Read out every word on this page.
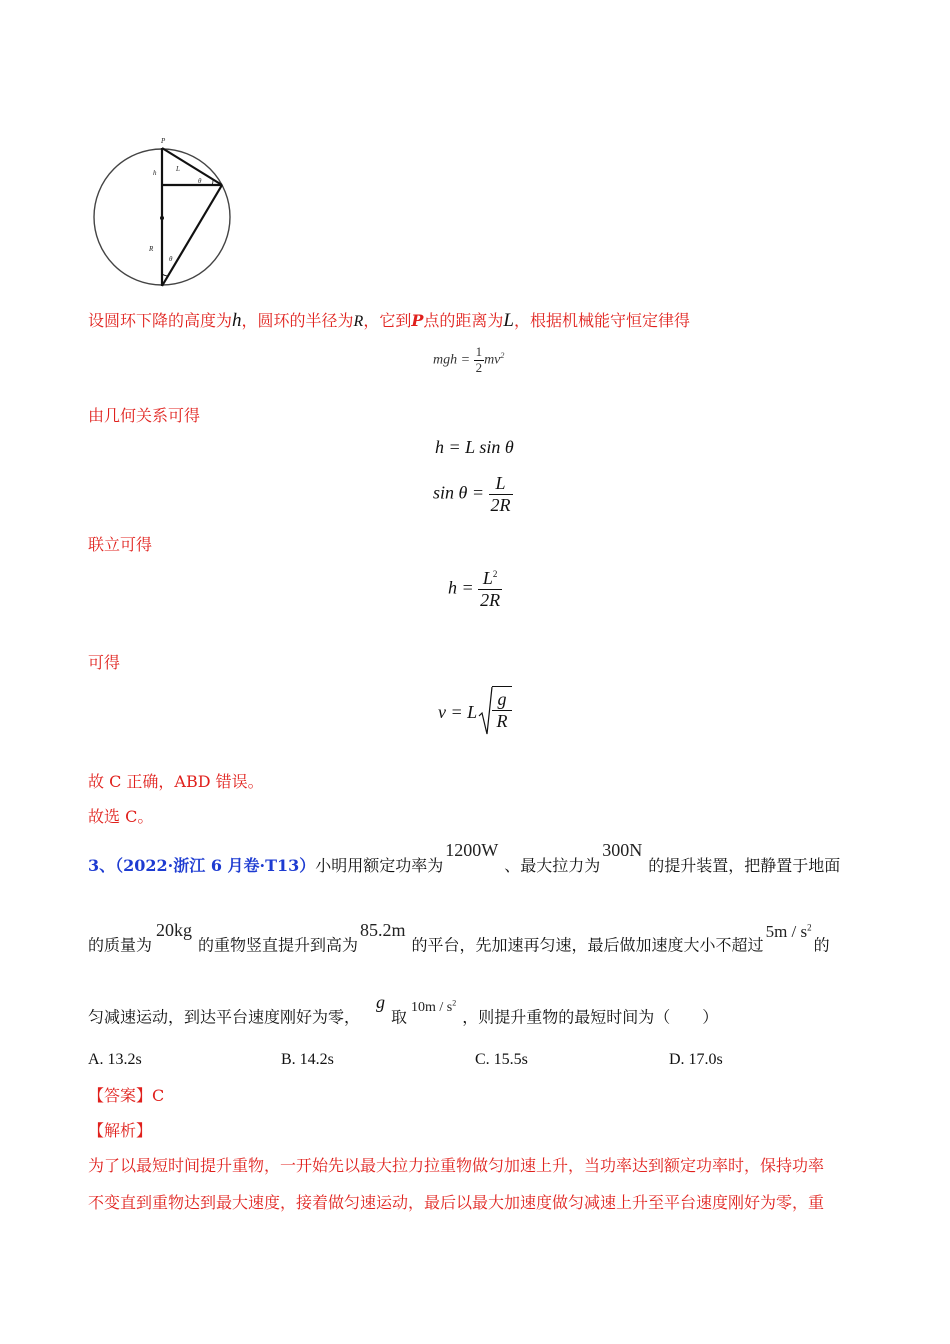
P
h	L
θ
R
θ
设圆环下降的高度为h，圆环的半径为R，它到P点的距离为L，根据机械能守恒定律得
mgh = $\frac{1}{2} mv^2$
由几何关系可得
h = L sin θ
$\sin \theta = \frac{L}{2R}$
联立可得
$h = \frac{L^2}{2R}$
可得
v = L $\frac{g}{R}$
故 C 正确，ABD 错误。
故选 C。
3、（2022·浙江 6 月卷·T13）小明用额定功率为1200W、最大拉力为300N的提升装置，把静置于地面
的质量为20kg的重物竖直提升到高为85.2m的平台，先加速再匀速，最后做加速度大小不超过$5m / s^2$的
匀减速运动，到达平台速度刚好为零，g取$10m / s^2$，则提升重物的最短时间为（　　）
A. 13.2s	B. 14.2s	C. 15.5s	D. 17.0s
【答案】C
【解析】
为了以最短时间提升重物，一开始先以最大拉力拉重物做匀加速上升，当功率达到额定功率时，保持功率
不变直到重物达到最大速度，接着做匀速运动，最后以最大加速度做匀减速上升至平台速度刚好为零，重
